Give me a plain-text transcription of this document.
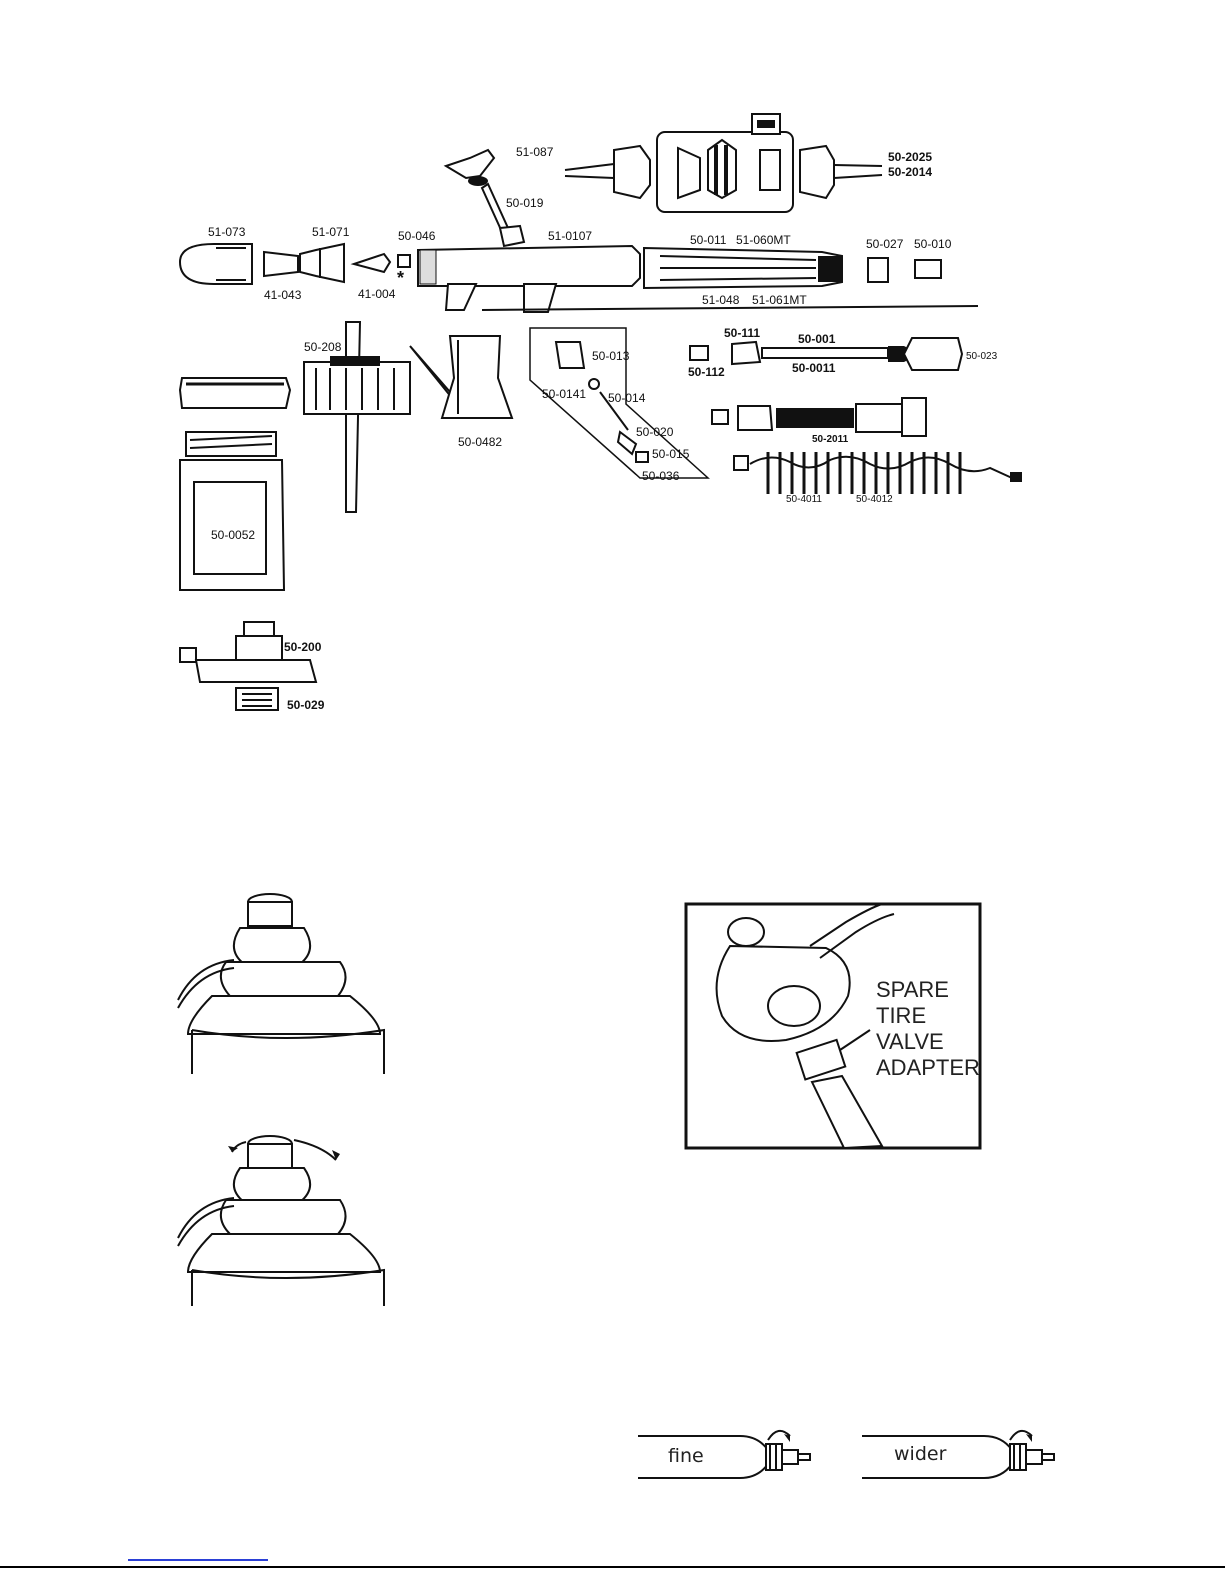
50-2025
50-2014
51-087
50-019
51-073	51-071	50-046
*
41-043	41-004
51-0107	50-011 51-060MT
51-048 51-061MT
50-027 50-010
50-0052
50-208
50-0482
50-013
50-0141 50-014
50-020
50-015
50-036
50-111	50-001
50-112	50-0011
50-023
50-2011
50-4011	50-4012
50-200
50-029
SPARE
TIRE
VALVE
ADAPTER
fine	wider
